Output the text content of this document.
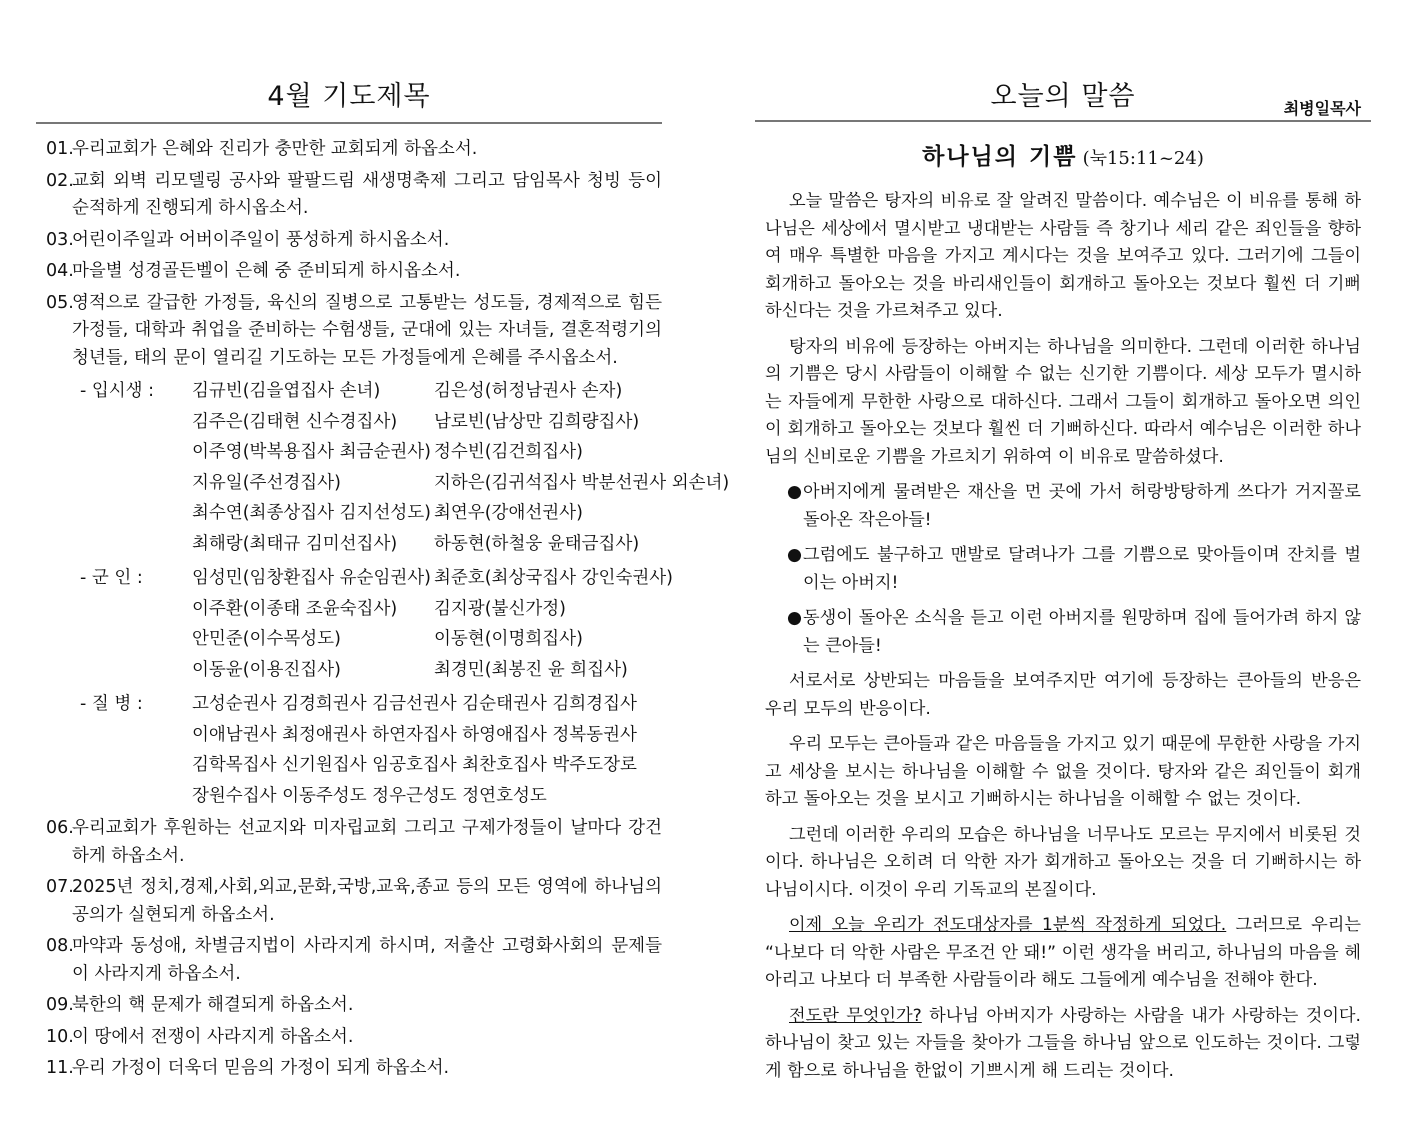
4월 기도제목
01.
우리교회가 은혜와 진리가 충만한 교회되게 하옵소서.
02.
교회 외벽 리모델링 공사와 팔팔드림 새생명축제 그리고 담임목사 청빙 등이 순적하게 진행되게 하시옵소서.
03.
어린이주일과 어버이주일이 풍성하게 하시옵소서.
04.
마을별 성경골든벨이 은혜 중 준비되게 하시옵소서.
05.
영적으로 갈급한 가정들, 육신의 질병으로 고통받는 성도들, 경제적으로 힘든 가정들, 대학과 취업을 준비하는 수험생들, 군대에 있는 자녀들, 결혼적령기의 청년들, 태의 문이 열리길 기도하는 모든 가정들에게 은혜를 주시옵소서.
- 입시생 :	김규빈(김을엽집사 손녀)	김은성(허정남권사 손자)
김주은(김태현 신수경집사)	남로빈(남상만 김희량집사)
이주영(박복용집사 최금순권사) 정수빈(김건희집사)
지유일(주선경집사)	지하은(김귀석집사 박분선권사 외손녀)
최수연(최종상집사 김지선성도) 최연우(강애선권사)
최해랑(최태규 김미선집사)	하동현(하철웅 윤태금집사)
- 군 인 :	임성민(임창환집사 유순임권사) 최준호(최상국집사 강인숙권사)
이주환(이종태 조윤숙집사)	김지광(불신가정)
안민준(이수목성도)	이동현(이명희집사)
이동윤(이용진집사)	최경민(최봉진 윤 희집사)
- 질 병 :	고성순권사 김경희권사 김금선권사 김순태권사 김희경집사
이애남권사 최정애권사 하연자집사 하영애집사 정복동권사
김학목집사 신기원집사 임공호집사 최찬호집사 박주도장로
장원수집사 이동주성도 정우근성도 정연호성도
06.
우리교회가 후원하는 선교지와 미자립교회 그리고 구제가정들이 날마다 강건하게 하옵소서.
07.
2025년 정치,경제,사회,외교,문화,국방,교육,종교 등의 모든 영역에 하나님의 공의가 실현되게 하옵소서.
08.
마약과 동성애, 차별금지법이 사라지게 하시며, 저출산 고령화사회의 문제들이 사라지게 하옵소서.
09.
북한의 핵 문제가 해결되게 하옵소서.
10.
이 땅에서 전쟁이 사라지게 하옵소서.
11.
우리 가정이 더욱더 믿음의 가정이 되게 하옵소서.
오늘의 말씀	최병일목사
하나님의 기쁨 (눅15:11~24)

오늘 말씀은 탕자의 비유로 잘 알려진 말씀이다. 예수님은 이 비유를 통해 하나님은 세상에서 멸시받고 냉대받는 사람들 즉 창기나 세리 같은 죄인들을 향하여 매우 특별한 마음을 가지고 계시다는 것을 보여주고 있다. 그러기에 그들이 회개하고 돌아오는 것을 바리새인들이 회개하고 돌아오는 것보다 훨씬 더 기뻐하신다는 것을 가르쳐주고 있다.

탕자의 비유에 등장하는 아버지는 하나님을 의미한다. 그런데 이러한 하나님의 기쁨은 당시 사람들이 이해할 수 없는 신기한 기쁨이다. 세상 모두가 멸시하는 자들에게 무한한 사랑으로 대하신다. 그래서 그들이 회개하고 돌아오면 의인이 회개하고 돌아오는 것보다 훨씬 더 기뻐하신다. 따라서 예수님은 이러한 하나님의 신비로운 기쁨을 가르치기 위하여 이 비유로 말씀하셨다.

● 아버지에게 물려받은 재산을 먼 곳에 가서 허랑방탕하게 쓰다가 거지꼴로 돌아온 작은아들!
● 그럼에도 불구하고 맨발로 달려나가 그를 기쁨으로 맞아들이며 잔치를 벌이는 아버지!
● 동생이 돌아온 소식을 듣고 이런 아버지를 원망하며 집에 들어가려 하지 않는 큰아들!

서로서로 상반되는 마음들을 보여주지만 여기에 등장하는 큰아들의 반응은 우리 모두의 반응이다.

우리 모두는 큰아들과 같은 마음들을 가지고 있기 때문에 무한한 사랑을 가지고 세상을 보시는 하나님을 이해할 수 없을 것이다. 탕자와 같은 죄인들이 회개하고 돌아오는 것을 보시고 기뻐하시는 하나님을 이해할 수 없는 것이다.

그런데 이러한 우리의 모습은 하나님을 너무나도 모르는 무지에서 비롯된 것이다. 하나님은 오히려 더 악한 자가 회개하고 돌아오는 것을 더 기뻐하시는 하나님이시다. 이것이 우리 기독교의 본질이다.

이제 오늘 우리가 전도대상자를 1분씩 작정하게 되었다. 그러므로 우리는 “나보다 더 악한 사람은 무조건 안 돼!” 이런 생각을 버리고, 하나님의 마음을 헤아리고 나보다 더 부족한 사람들이라 해도 그들에게 예수님을 전해야 한다.

전도란 무엇인가? 하나님 아버지가 사랑하는 사람을 내가 사랑하는 것이다. 하나님이 찾고 있는 자들을 찾아가 그들을 하나님 앞으로 인도하는 것이다. 그렇게 함으로 하나님을 한없이 기쁘시게 해 드리는 것이다.
